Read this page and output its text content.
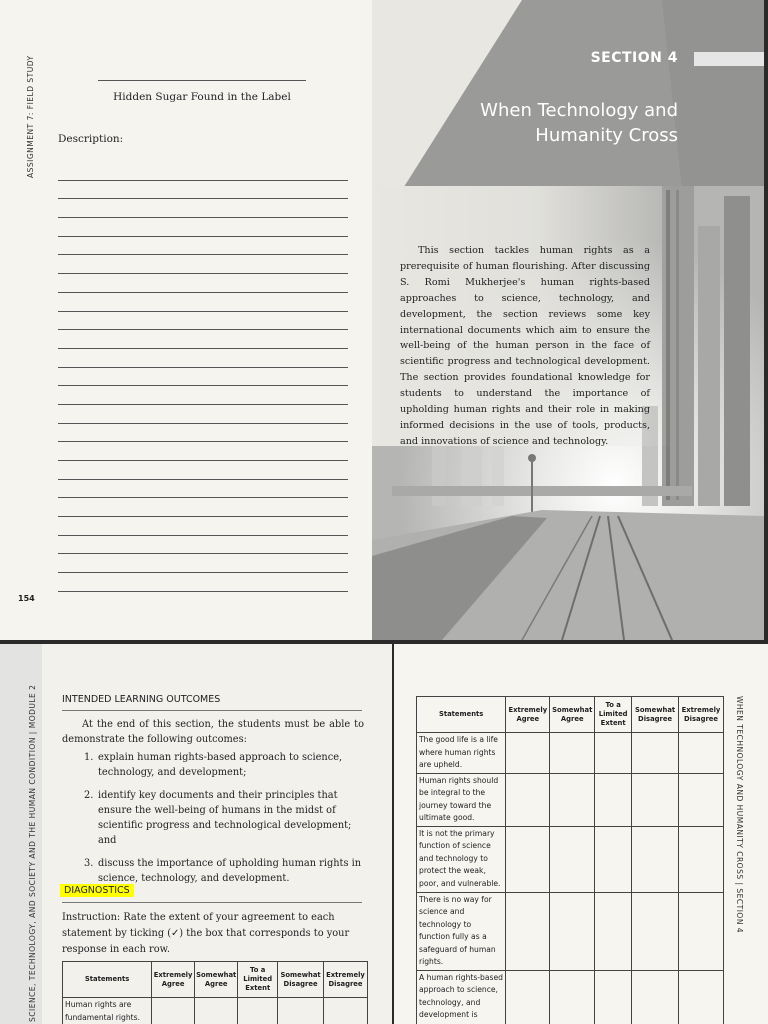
ASSIGNMENT 7: FIELD STUDY	Hidden Sugar Found in the Label
Description:
154
SECTION 4
When Technology and Humanity Cross
This section tackles human rights as a prerequisite of human flourishing. After discussing S. Romi Mukherjee's human rights-based approaches to science, technology, and development, the section reviews some key international documents which aim to ensure the well-being of the human person in the face of scientific progress and technological development. The section provides foundational knowledge for students to understand the importance of upholding human rights and their role in making informed decisions in the use of tools, products, and innovations of science and technology.
SCIENCE, TECHNOLOGY, AND SOCIETY AND THE HUMAN CONDITION | MODULE 2	INTENDED LEARNING OUTCOMES
At the end of this section, the students must be able to demonstrate the following outcomes:
1. explain human rights-based approach to science, technology, and development;
2. identify key documents and their principles that ensure the well-being of humans in the midst of scientific progress and technological development; and
3. discuss the importance of upholding human rights in science, technology, and development.
DIAGNOSTICS
Instruction: Rate the extent of your agreement to each statement by ticking (✓) the box that corresponds to your response in each row.
Statements	Extremely Agree	Somewhat Agree	To a Limited Extent	Somewhat Disagree	Extremely Disagree
Human rights are fundamental rights.					
WHEN TECHNOLOGY AND HUMANITY CROSS | SECTION 4
Statements	Extremely Agree	Somewhat Agree	To a Limited Extent	Somewhat Disagree	Extremely Disagree
The good life is a life where human rights are upheld.					
Human rights should be integral to the journey toward the ultimate good.					
It is not the primary function of science and technology to protect the weak, poor, and vulnerable.					
There is no way for science and technology to function fully as a safeguard of human rights.					
A human rights-based approach to science, technology, and development is					
